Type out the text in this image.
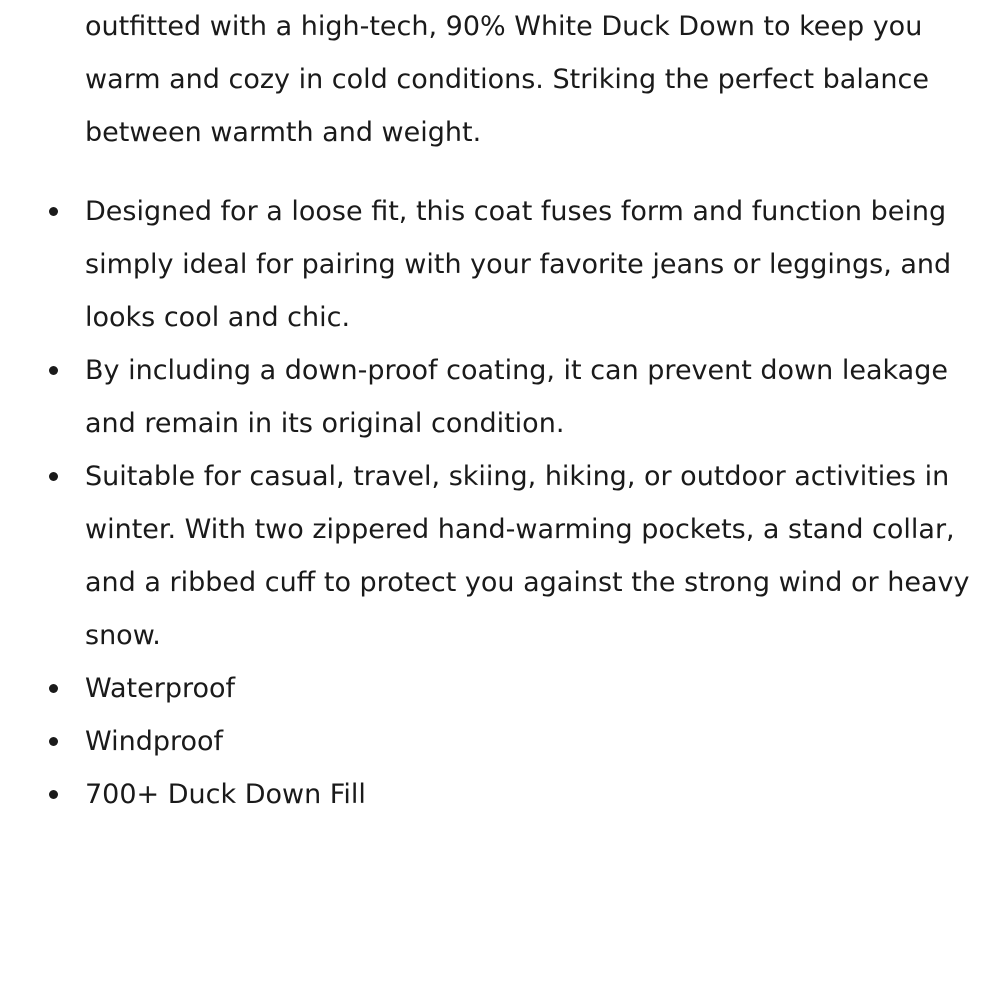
outfitted with a high-tech, 90% White Duck Down to keep you warm and cozy in cold conditions. Striking the perfect balance between warmth and weight.

Designed for a loose fit, this coat fuses form and function being simply ideal for pairing with your favorite jeans or leggings, and looks cool and chic.
By including a down-proof coating, it can prevent down leakage and remain in its original condition.
Suitable for casual, travel, skiing, hiking, or outdoor activities in winter. With two zippered hand-warming pockets, a stand collar, and a ribbed cuff to protect you against the strong wind or heavy snow.
Waterproof
Windproof
700+ Duck Down Fill
